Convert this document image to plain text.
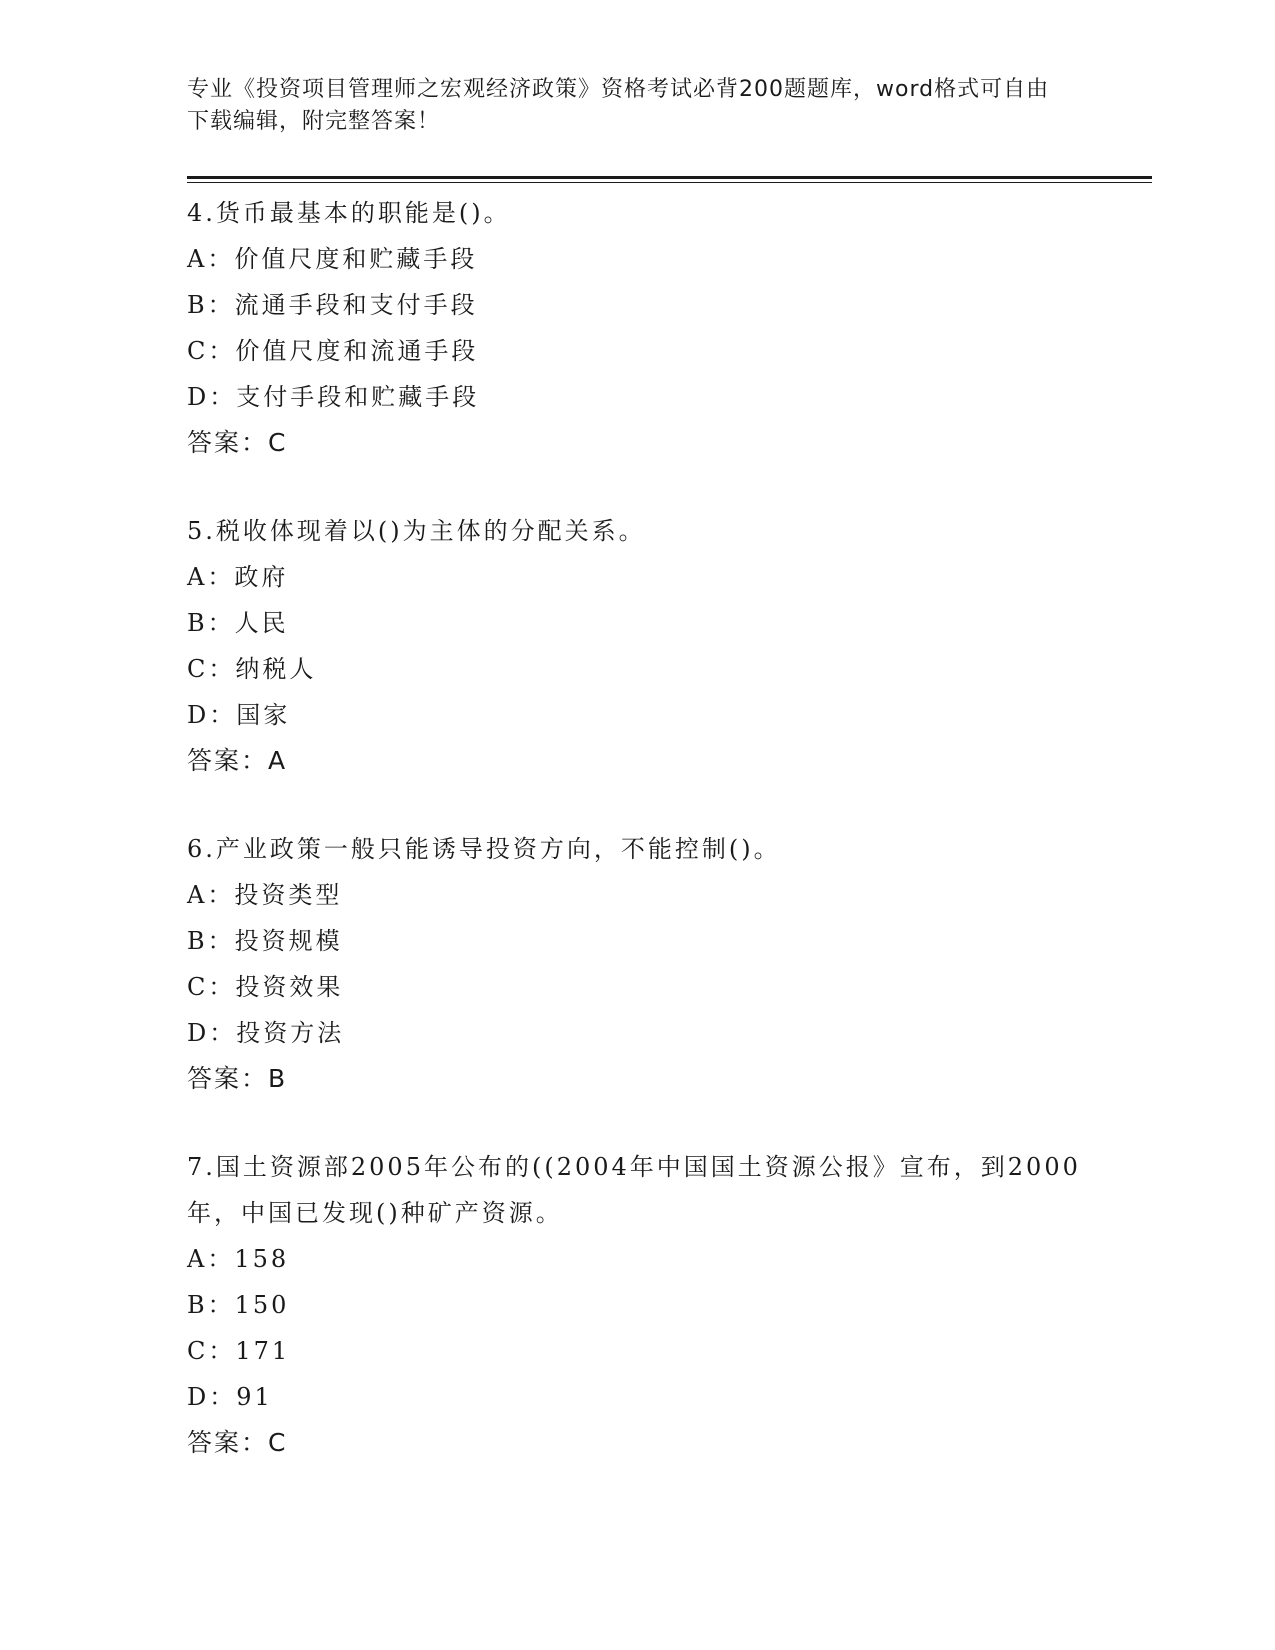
专业《投资项目管理师之宏观经济政策》资格考试必背200题题库，word格式可自由下载编辑，附完整答案！
4.货币最基本的职能是()。
A：价值尺度和贮藏手段
B：流通手段和支付手段
C：价值尺度和流通手段
D：支付手段和贮藏手段
答案：C
5.税收体现着以()为主体的分配关系。
A：政府
B：人民
C：纳税人
D：国家
答案：A
6.产业政策一般只能诱导投资方向，不能控制()。
A：投资类型
B：投资规模
C：投资效果
D：投资方法
答案：B
7.国土资源部2005年公布的((2004年中国国土资源公报》宣布，到2000年，中国已发现()种矿产资源。
A：158
B：150
C：171
D：91
答案：C
